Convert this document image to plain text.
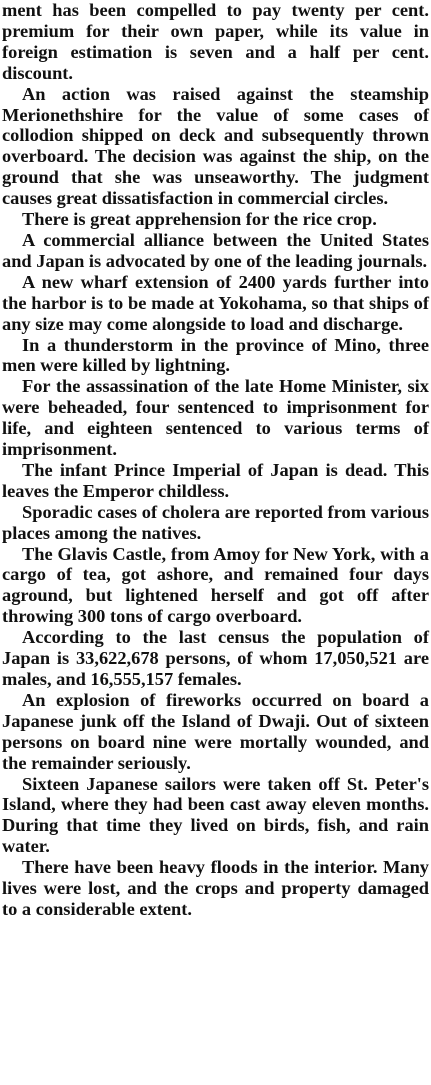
ment has been compelled to pay twenty per cent. premium for their own paper, while its value in foreign estimation is seven and a half per cent. discount.

An action was raised against the steamship Merionethshire for the value of some cases of collodion shipped on deck and subsequently thrown overboard. The decision was against the ship, on the ground that she was unseaworthy. The judgment causes great dissatisfaction in commercial circles.

There is great apprehension for the rice crop.

A commercial alliance between the United States and Japan is advocated by one of the leading journals.

A new wharf extension of 2400 yards further into the harbor is to be made at Yokohama, so that ships of any size may come alongside to load and discharge.

In a thunderstorm in the province of Mino, three men were killed by lightning.

For the assassination of the late Home Minister, six were beheaded, four sentenced to imprisonment for life, and eighteen sentenced to various terms of imprisonment.

The infant Prince Imperial of Japan is dead. This leaves the Emperor childless.

Sporadic cases of cholera are reported from various places among the natives.

The Glavis Castle, from Amoy for New York, with a cargo of tea, got ashore, and remained four days aground, but lightened herself and got off after throwing 300 tons of cargo overboard.

According to the last census the population of Japan is 33,622,678 persons, of whom 17,050,521 are males, and 16,555,157 females.

An explosion of fireworks occurred on board a Japanese junk off the Island of Dwaji. Out of sixteen persons on board nine were mortally wounded, and the remainder seriously.

Sixteen Japanese sailors were taken off St. Peter's Island, where they had been cast away eleven months. During that time they lived on birds, fish, and rain water.

There have been heavy floods in the interior. Many lives were lost, and the crops and property damaged to a considerable extent.
